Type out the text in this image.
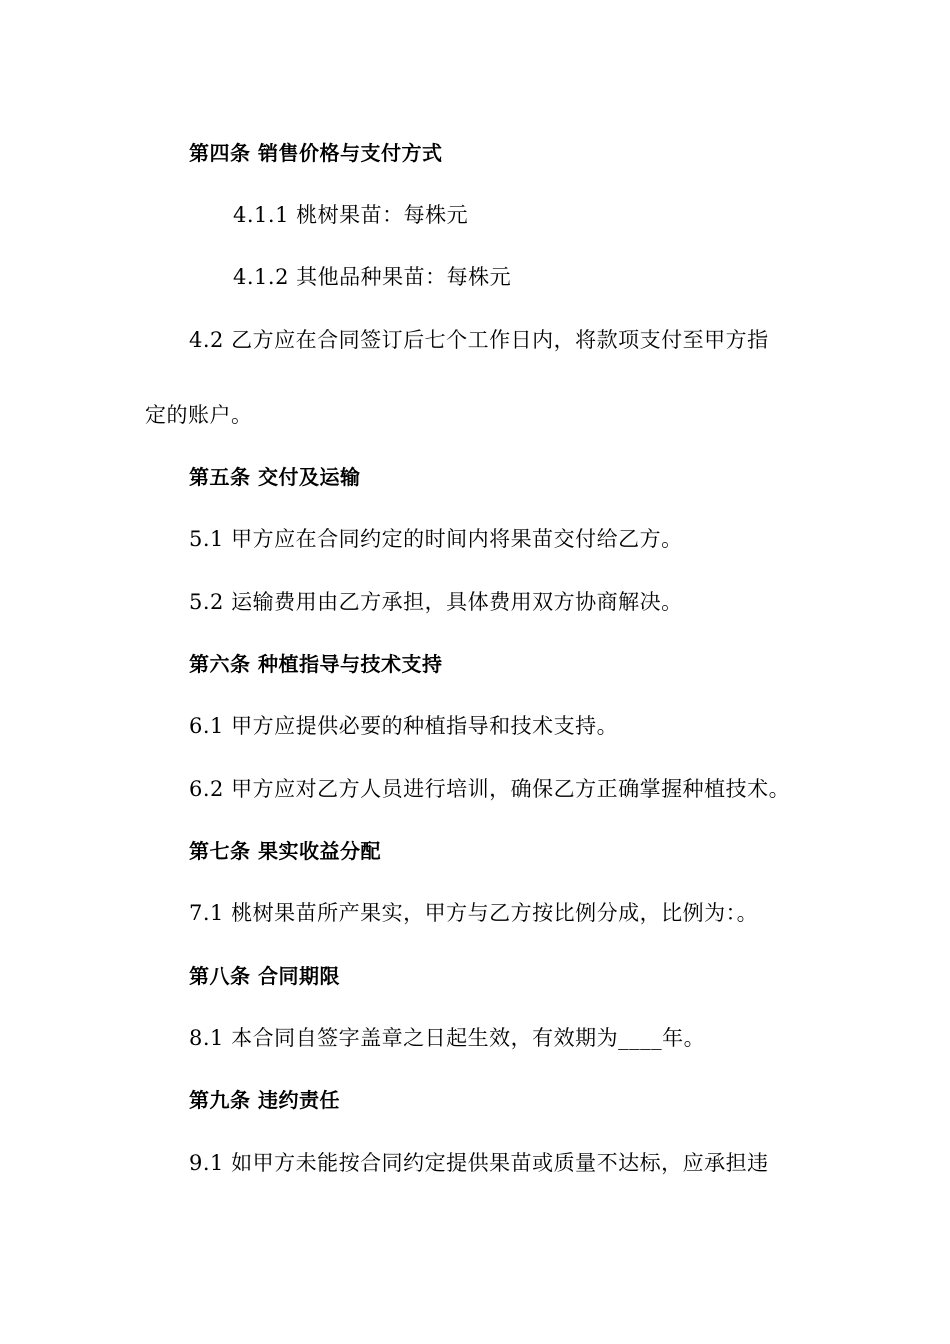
第四条 销售价格与支付方式
4.1.1 桃树果苗：每株元
4.1.2 其他品种果苗：每株元
4.2 乙方应在合同签订后七个工作日内，将款项支付至甲方指
定的账户。
第五条 交付及运输
5.1 甲方应在合同约定的时间内将果苗交付给乙方。
5.2 运输费用由乙方承担，具体费用双方协商解决。
第六条 种植指导与技术支持
6.1 甲方应提供必要的种植指导和技术支持。
6.2 甲方应对乙方人员进行培训，确保乙方正确掌握种植技术。
第七条 果实收益分配
7.1 桃树果苗所产果实，甲方与乙方按比例分成，比例为：。
第八条 合同期限
8.1 本合同自签字盖章之日起生效，有效期为____年。
第九条 违约责任
9.1 如甲方未能按合同约定提供果苗或质量不达标，应承担违
